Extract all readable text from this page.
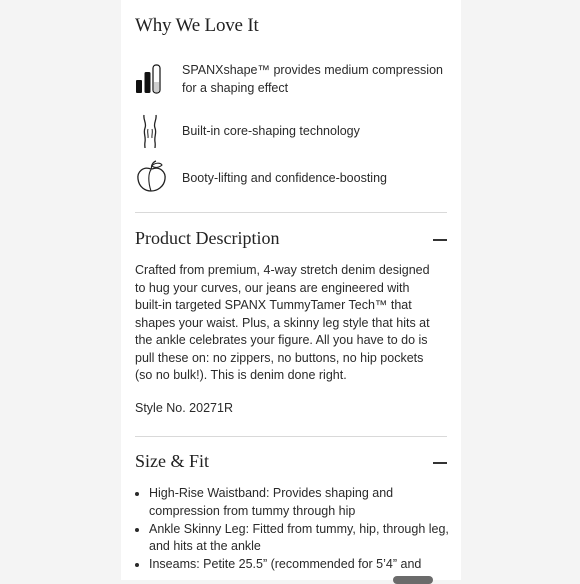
Why We Love It
SPANXshape™ provides medium compression for a shaping effect
Built-in core-shaping technology
Booty-lifting and confidence-boosting
Product Description

Crafted from premium, 4-way stretch denim designed to hug your curves, our jeans are engineered with built-in targeted SPANX TummyTamer Tech™ that shapes your waist. Plus, a skinny leg style that hits at the ankle celebrates your figure. All you have to do is pull these on: no zippers, no buttons, no hip pockets (so no bulk!). This is denim done right.

Style No. 20271R
Size & Fit
• High-Rise Waistband: Provides shaping and compression from tummy through hip
• Ankle Skinny Leg: Fitted from tummy, hip, through leg, and hits at the ankle
• Inseams: Petite 25.5” (recommended for 5’4” and
